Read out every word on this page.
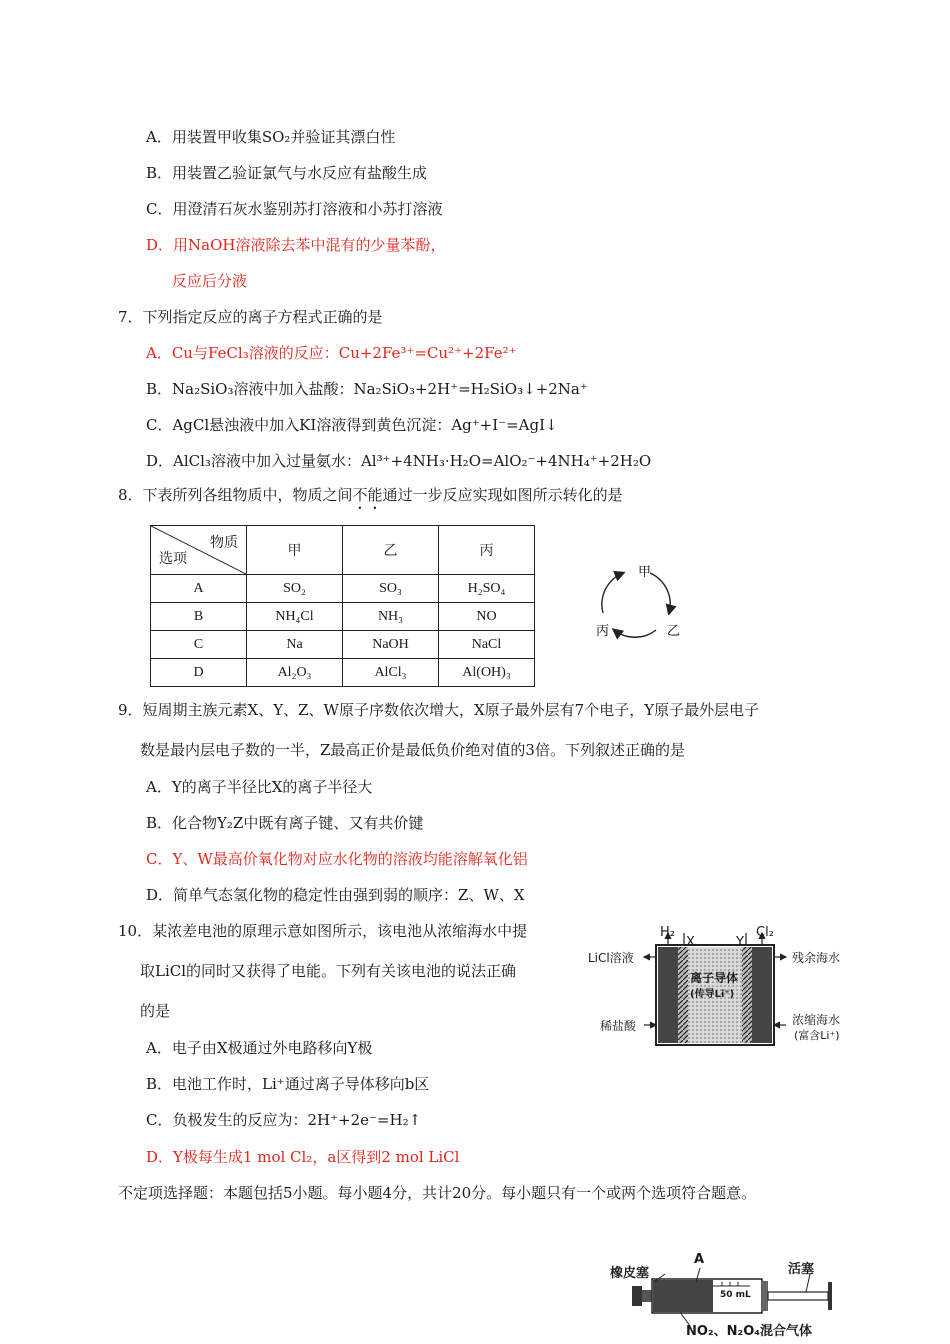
A．用装置甲收集SO₂并验证其漂白性
B．用装置乙验证氯气与水反应有盐酸生成
C．用澄清石灰水鉴别苏打溶液和小苏打溶液
D．用NaOH溶液除去苯中混有的少量苯酚，
反应后分液
7．下列指定反应的离子方程式正确的是
A．Cu与FeCl₃溶液的反应：Cu+2Fe³⁺=Cu²⁺+2Fe²⁺
B．Na₂SiO₃溶液中加入盐酸：Na₂SiO₃+2H⁺=H₂SiO₃↓+2Na⁺
C．AgCl悬浊液中加入KI溶液得到黄色沉淀：Ag⁺+I⁻=AgI↓
D．AlCl₃溶液中加入过量氨水：Al³⁺+4NH₃·H₂O=AlO₂⁻+4NH₄⁺+2H₂O
8．下表所列各组物质中，物质之间不能通过一步反应实现如图所示转化的是
物质
选项	甲	乙	丙
A	SO₂	SO₃	H₂SO₄
B	NH₄Cl	NH₃	NO
C	Na	NaOH	NaCl
D	Al₂O₃	AlCl₃	Al(OH)₃
甲
乙
丙
9．短周期主族元素X、Y、Z、W原子序数依次增大，X原子最外层有7个电子，Y原子最外层电子
数是最内层电子数的一半，Z最高正价是最低负价绝对值的3倍。下列叙述正确的是
A．Y的离子半径比X的离子半径大
B．化合物Y₂Z中既有离子键、又有共价键
C．Y、W最高价氧化物对应水化物的溶液均能溶解氧化铝
D．简单气态氢化物的稳定性由强到弱的顺序：Z、W、X
10．某浓差电池的原理示意如图所示，该电池从浓缩海水中提
取LiCl的同时又获得了电能。下列有关该电池的说法正确
的是
A．电子由X极通过外电路移向Y极
B．电池工作时，Li⁺通过离子导体移向b区
C．负极发生的反应为：2H⁺+2e⁻=H₂↑
D．Y极每生成1 mol Cl₂，a区得到2 mol LiCl
H₂
X	Y
Cl₂
LiCl溶液
稀盐酸
残余海水
浓缩海水
(富含Li⁺)
离子导体
(传导Li⁺)
不定项选择题：本题包括5小题。每小题4分，共计20分。每小题只有一个或两个选项符合题意。
橡皮塞
A
活塞
50 mL
NO₂、N₂O₄混合气体
